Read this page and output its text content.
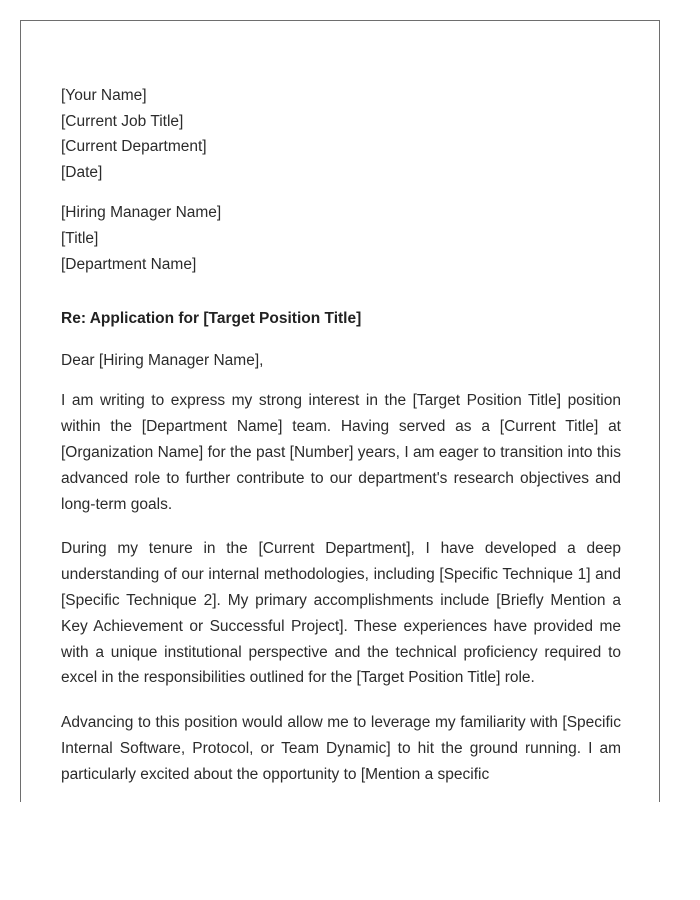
[Your Name]

[Current Job Title]

[Current Department]

[Date]

[Hiring Manager Name]

[Title]

[Department Name]

Re: Application for [Target Position Title]
Dear [Hiring Manager Name],

I am writing to express my strong interest in the [Target Position Title] position within the [Department Name] team. Having served as a [Current Title] at [Organization Name] for the past [Number] years, I am eager to transition into this advanced role to further contribute to our department's research objectives and long-term goals.

During my tenure in the [Current Department], I have developed a deep understanding of our internal methodologies, including [Specific Technique 1] and [Specific Technique 2]. My primary accomplishments include [Briefly Mention a Key Achievement or Successful Project]. These experiences have provided me with a unique institutional perspective and the technical proficiency required to excel in the responsibilities outlined for the [Target Position Title] role.

Advancing to this position would allow me to leverage my familiarity with [Specific Internal Software, Protocol, or Team Dynamic] to hit the ground running. I am particularly excited about the opportunity to [Mention a specific
